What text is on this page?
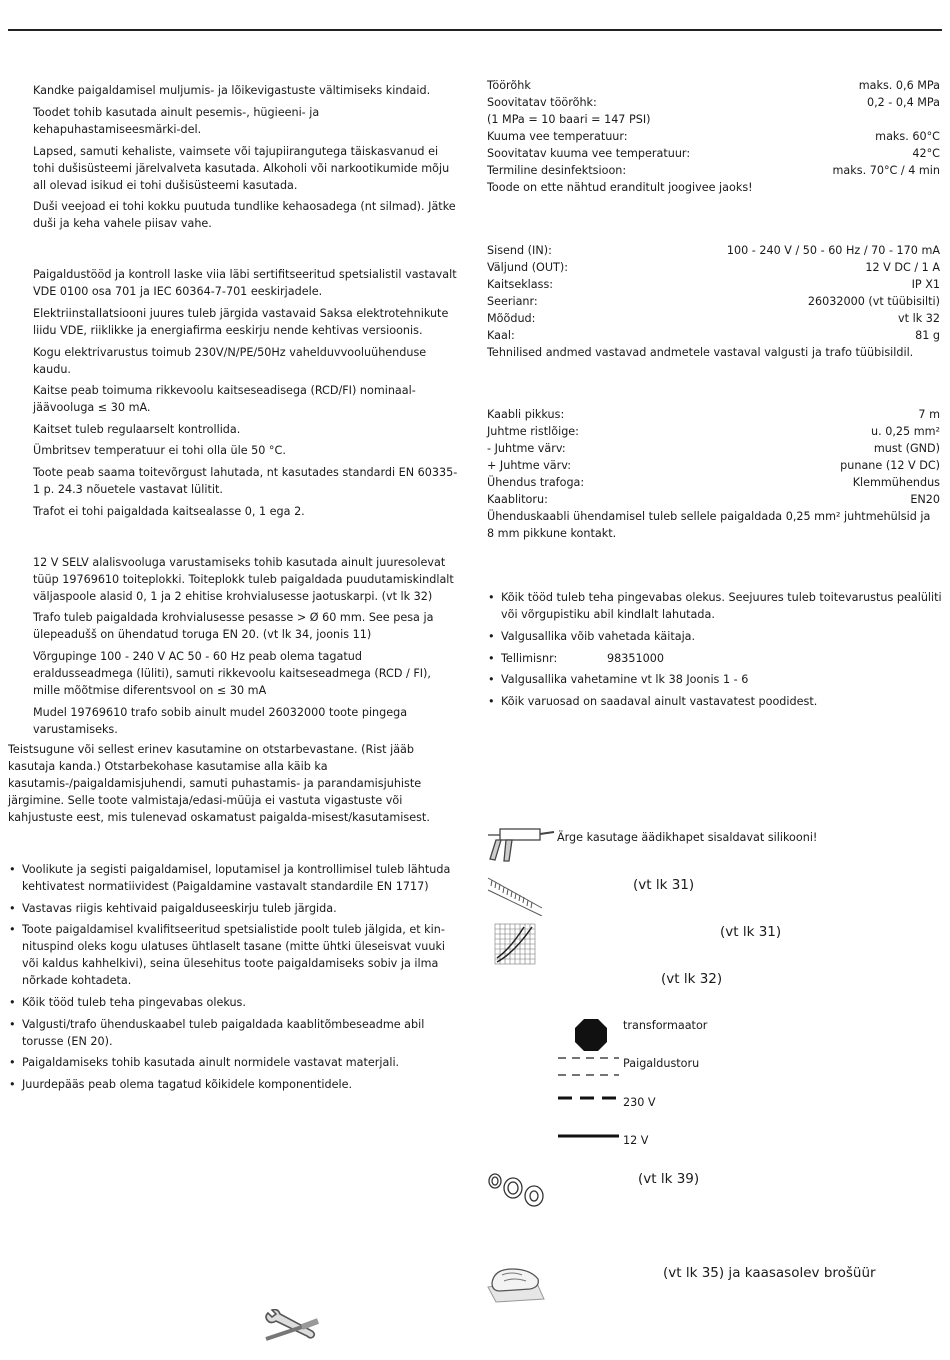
Kandke paigaldamisel muljumis- ja lõikevigastuste vältimiseks kindaid.

Toodet tohib kasutada ainult pesemis-, hügieeni- ja kehapuhastamiseesmärki-del.

Lapsed, samuti kehaliste, vaimsete või tajupiirangutega täiskasvanud ei tohi dušisüsteemi järelvalveta kasutada. Alkoholi või narkootikumide mõju all olevad isikud ei tohi dušisüsteemi kasutada.

Duši veejoad ei tohi kokku puutuda tundlike kehaosadega (nt silmad). Jätke duši ja keha vahele piisav vahe.

Paigaldustööd ja kontroll laske viia läbi sertifitseeritud spetsialistil vastavalt VDE 0100 osa 701 ja IEC 60364-7-701 eeskirjadele.

Elektriinstallatsiooni juures tuleb järgida vastavaid Saksa elektrotehnikute liidu VDE, riiklikke ja energiafirma eeskirju nende kehtivas versioonis.

Kogu elektrivarustus toimub 230V/N/PE/50Hz vahelduvvooluühenduse kaudu.

Kaitse peab toimuma rikkevoolu kaitseseadisega (RCD/FI) nominaal-jäävooluga ≤ 30 mA.

Kaitset tuleb regulaarselt kontrollida.

Ümbritsev temperatuur ei tohi olla üle 50 °C.

Toote peab saama toitevõrgust lahutada, nt kasutades standardi EN 60335-1 p. 24.3 nõuetele vastavat lülitit.

Trafot ei tohi paigaldada kaitsealasse 0, 1 ega 2.

12 V SELV alalisvooluga varustamiseks tohib kasutada ainult juuresolevat tüüp 19769610 toiteplokki. Toiteplokk tuleb paigaldada puudutamiskindlalt väljaspoole alasid 0, 1 ja 2 ehitise krohvialusesse jaotuskarpi. (vt lk 32)

Trafo tuleb paigaldada krohvialusesse pesasse > Ø 60 mm. See pesa ja ülepeadušš on ühendatud toruga EN 20. (vt lk 34, joonis 11)

Võrgupinge 100 - 240 V AC 50 - 60 Hz peab olema tagatud eraldusseadmega (lüliti), samuti rikkevoolu kaitseseadmega (RCD / FI), mille mõõtmise diferentsvool on ≤ 30 mA

Mudel 19769610 trafo sobib ainult mudel 26032000 toote pingega varustamiseks.

Teistsugune või sellest erinev kasutamine on otstarbevastane. (Rist jääb kasutaja kanda.) Otstarbekohase kasutamise alla käib ka kasutamis-/paigaldamisjuhendi, samuti puhastamis- ja parandamisjuhiste järgimine. Selle toote valmistaja/edasi-müüja ei vastuta vigastuste või kahjustuste eest, mis tulenevad oskamatust paigalda-misest/kasutamisest.

• Voolikute ja segisti paigaldamisel, loputamisel ja kontrollimisel tuleb lähtuda kehtivatest normatiividest (Paigaldamine vastavalt standardile EN 1717)
• Vastavas riigis kehtivaid paigalduseeskirju tuleb järgida.
• Toote paigaldamisel kvalifitseeritud spetsialistide poolt tuleb jälgida, et kin-nituspind oleks kogu ulatuses ühtlaselt tasane (mitte ühtki üleseisvat vuuki või kaldus kahhelkivi), seina ülesehitus toote paigaldamiseks sobiv ja ilma nõrkade kohtadeta.
• Kõik tööd tuleb teha pingevabas olekus.
• Valgusti/trafo ühenduskaabel tuleb paigaldada kaablitõmbeseadme abil torusse (EN 20).
• Paigaldamiseks tohib kasutada ainult normidele vastavat materjali.
• Juurdepääs peab olema tagatud kõikidele komponentidele.
Töörõhk	maks. 0,6 MPa
Soovitatav töörõhk:	0,2 - 0,4 MPa
(1 MPa = 10 baari = 147 PSI)
Kuuma vee temperatuur:	maks. 60°C
Soovitatav kuuma vee temperatuur:	42°C
Termiline desinfektsioon:	maks. 70°C / 4 min
Toode on ette nähtud eranditult joogivee jaoks!
Sisend (IN):	100 - 240 V / 50 - 60 Hz / 70 - 170 mA
Väljund (OUT):	12 V DC / 1 A
Kaitseklass:	IP X1
Seerianr:	26032000 (vt tüübisilti)
Mõõdud:	vt lk 32
Kaal:	81 g
Tehnilised andmed vastavad andmetele vastaval valgusti ja trafo tüübisildil.
Kaabli pikkus:	7 m
Juhtme ristlõige:	u. 0,25 mm²
- Juhtme värv:	must (GND)
+ Juhtme värv:	punane (12 V DC)
Ühendus trafoga:	Klemmühendus
Kaablitoru:	EN20
Ühenduskaabli ühendamisel tuleb sellele paigaldada 0,25 mm² juhtmehülsid ja 8 mm pikkune kontakt.
• Kõik tööd tuleb teha pingevabas olekus. Seejuures tuleb toitevarustus pealüliti või võrgupistiku abil kindlalt lahutada.
• Valgusallika võib vahetada käitaja.
• Tellimisnr:	98351000
• Valgusallika vahetamine vt lk 38 Joonis 1 - 6
• Kõik varuosad on saadaval ainult vastavatest poodidest.
Ärge kasutage äädikhapet sisaldavat silikooni!
(vt lk 31)
(vt lk 31)
(vt lk 32)
transformaator
Paigaldustoru
230 V
12 V
(vt lk 39)
(vt lk 35) ja kaasasolev brošüür
